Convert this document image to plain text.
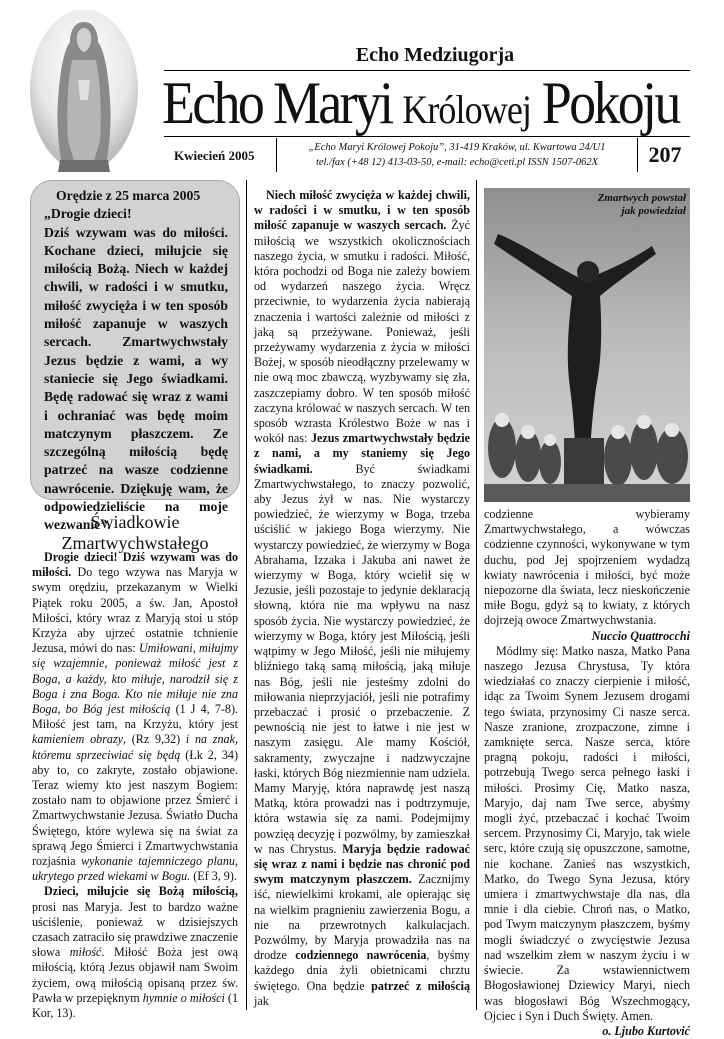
Echo Medziugorja
Echo Maryi Królowej Pokoju
Kwiecień 2005
„Echo Maryi Królowej Pokoju”, 31-419 Kraków, ul. Kwartowa 24/U1
tel./fax (+48 12) 413-03-50, e-mail: echo@ceti.pl ISSN 1507-062X	207
Orędzie z 25 marca 2005
„Drogie dzieci!
Dziś wzywam was do miłości. Kochane dzieci, miłujcie się miłością Bożą. Niech w każdej chwili, w radości i w smutku, miłość zwycięża i w ten sposób miłość zapanuje w waszych sercach. Zmartwychwstały Jezus będzie z wami, a wy staniecie się Jego świadkami. Będę radować się wraz z wami i ochraniać was będę moim matczynym płaszczem. Ze szczególną miłością będę patrzeć na wasze codzienne nawrócenie. Dziękuję wam, że odpowiedzieliście na moje wezwanie”.
Świadkowie
Zmartwychwstałego

Drogie dzieci! Dziś wzywam was do miłości. Do tego wzywa nas Maryja w swym orędziu, przekazanym w Wielki Piątek roku 2005, a św. Jan, Apostoł Miłości, który wraz z Maryją stoi u stóp Krzyża aby ujrzeć ostatnie tchnienie Jezusa, mówi do nas: Umiłowani, miłujmy się wzajemnie, ponieważ miłość jest z Boga, a każdy, kto miłuje, narodził się z Boga i zna Boga. Kto nie miłuje nie zna Boga, bo Bóg jest miłością (1 J 4, 7-8). Miłość jest tam, na Krzyżu, który jest kamieniem obrazy, (Rz 9,32) i na znak, któremu sprzeciwiać się będą (Łk 2, 34) aby to, co zakryte, zostało objawione. Teraz wiemy kto jest naszym Bogiem: zostało nam to objawione przez Śmierć i Zmartwychwstanie Jezusa. Światło Ducha Świętego, które wylewa się na świat za sprawą Jego Śmierci i Zmartwychwstania rozjaśnia wykonanie tajemniczego planu, ukrytego przed wiekami w Bogu. (Ef 3, 9).

Dzieci, miłujcie się Bożą miłością, prosi nas Maryja. Jest to bardzo ważne uściślenie, ponieważ w dzisiejszych czasach zatraciło się prawdziwe znaczenie słowa miłość. Miłość Boża jest ową miłością, którą Jezus objawił nam Swoim życiem, ową miłością opisaną przez św. Pawła w przepięknym hymnie o miłości (1 Kor, 13).

Niech miłość zwycięża w każdej chwili, w radości i w smutku, i w ten sposób miłość zapanuje w waszych sercach. Żyć miłością we wszystkich okolicznościach naszego życia, w smutku i radości. Miłość, która pochodzi od Boga nie zależy bowiem od wydarzeń naszego życia. Wręcz przeciwnie, to wydarzenia życia nabierają znaczenia i wartości zależnie od miłości z jaką są przeżywane. Ponieważ, jeśli przeżywamy wydarzenia z życia w miłości Bożej, w sposób nieodłączny przelewamy w nie ową moc zbawczą, wyzbywamy się zła, zaszczepiamy dobro. W ten sposób miłość zaczyna królować w naszych sercach. W ten sposób wzrasta Królestwo Boże w nas i wokół nas: Jezus zmartwychwstały będzie z nami, a my staniemy się Jego świadkami. Być świadkami Zmartwychwstałego, to znaczy pozwolić, aby Jezus żył w nas. Nie wystarczy powiedzieć, że wierzymy w Boga, trzeba uściślić w jakiego Boga wierzymy. Nie wystarczy powiedzieć, że wierzymy w Boga Abrahama, Izzaka i Jakuba ani nawet że wierzymy w Boga, który wcielił się w Jezusie, jeśli pozostaje to jedynie deklaracją słowną, która nie ma wpływu na nasz sposób życia. Nie wystarczy powiedzieć, że wierzymy w Boga, który jest Miłością, jeśli wątpimy w Jego Miłość, jeśli nie miłujemy bliźniego taką samą miłością, jaką miłuje nas Bóg, jeśli nie jesteśmy zdolni do miłowania nieprzyjaciół, jeśli nie potrafimy przebaczać i prosić o przebaczenie. Z pewnością nie jest to łatwe i nie jest w naszym zasięgu. Ale mamy Kościół, sakramenty, zwyczajne i nadzwyczajne łaski, których Bóg niezmiennie nam udziela. Mamy Maryję, która naprawdę jest naszą Matką, która prowadzi nas i podtrzymuje, która wstawia się za nami. Podejmijmy powzięą decyzję i pozwólmy, by zamieszkał w nas Chrystus. Maryja będzie radować się wraz z nami i będzie nas chronić pod swym matczynym płaszczem. Zacznijmy iść, niewielkimi krokami, ale opierając się na wielkim pragnieniu zawierzenia Bogu, a nie na przewrotnych kalkulacjach. Pozwólmy, by Maryja prowadziła nas na drodze codziennego nawrócenia, byśmy każdego dnia żyli obietnicami chrztu świętego. Ona będzie patrzeć z miłością jak

Zmartwych powstał
jak powiedział

codzienne wybieramy Zmartwychwstałego, a wówczas codzienne czynności, wykonywane w tym duchu, pod Jej spojrzeniem wydadzą kwiaty nawrócenia i miłości, być może niepozorne dla świata, lecz nieskończenie miłe Bogu, gdyż są to kwiaty, z których dojrzeją owoce Zmartwychwstania.

Nuccio Quattrocchi

Módlmy się: Matko nasza, Matko Pana naszego Jezusa Chrystusa, Ty która wiedziałaś co znaczy cierpienie i miłość, idąc za Twoim Synem Jezusem drogami tego świata, przynosimy Ci nasze serca. Nasze zranione, zrozpaczone, zimne i zamknięte serca. Nasze serca, które pragną pokoju, radości i miłości, potrzebują Twego serca pełnego łaski i miłości. Prosimy Cię, Matko nasza, Maryjo, daj nam Twe serce, abyśmy mogli żyć, przebaczać i kochać Twoim sercem. Przynosimy Ci, Maryjo, tak wiele serc, które czują się opuszczone, samotne, nie kochane. Zanieś nas wszystkich, Matko, do Twego Syna Jezusa, który umiera i zmartwychwstaje dla nas, dla mnie i dla ciebie. Chroń nas, o Matko, pod Twym matczynym płaszczem, byśmy mogli świadczyć o zwycięstwie Jezusa nad wszelkim złem w naszym życiu i w świecie. Za wstawiennictwem Błogosławionej Dziewicy Maryi, niech was błogosławi Bóg Wszechmogący, Ojciec i Syn i Duch Święty. Amen.

o. Ljubo Kurtović
